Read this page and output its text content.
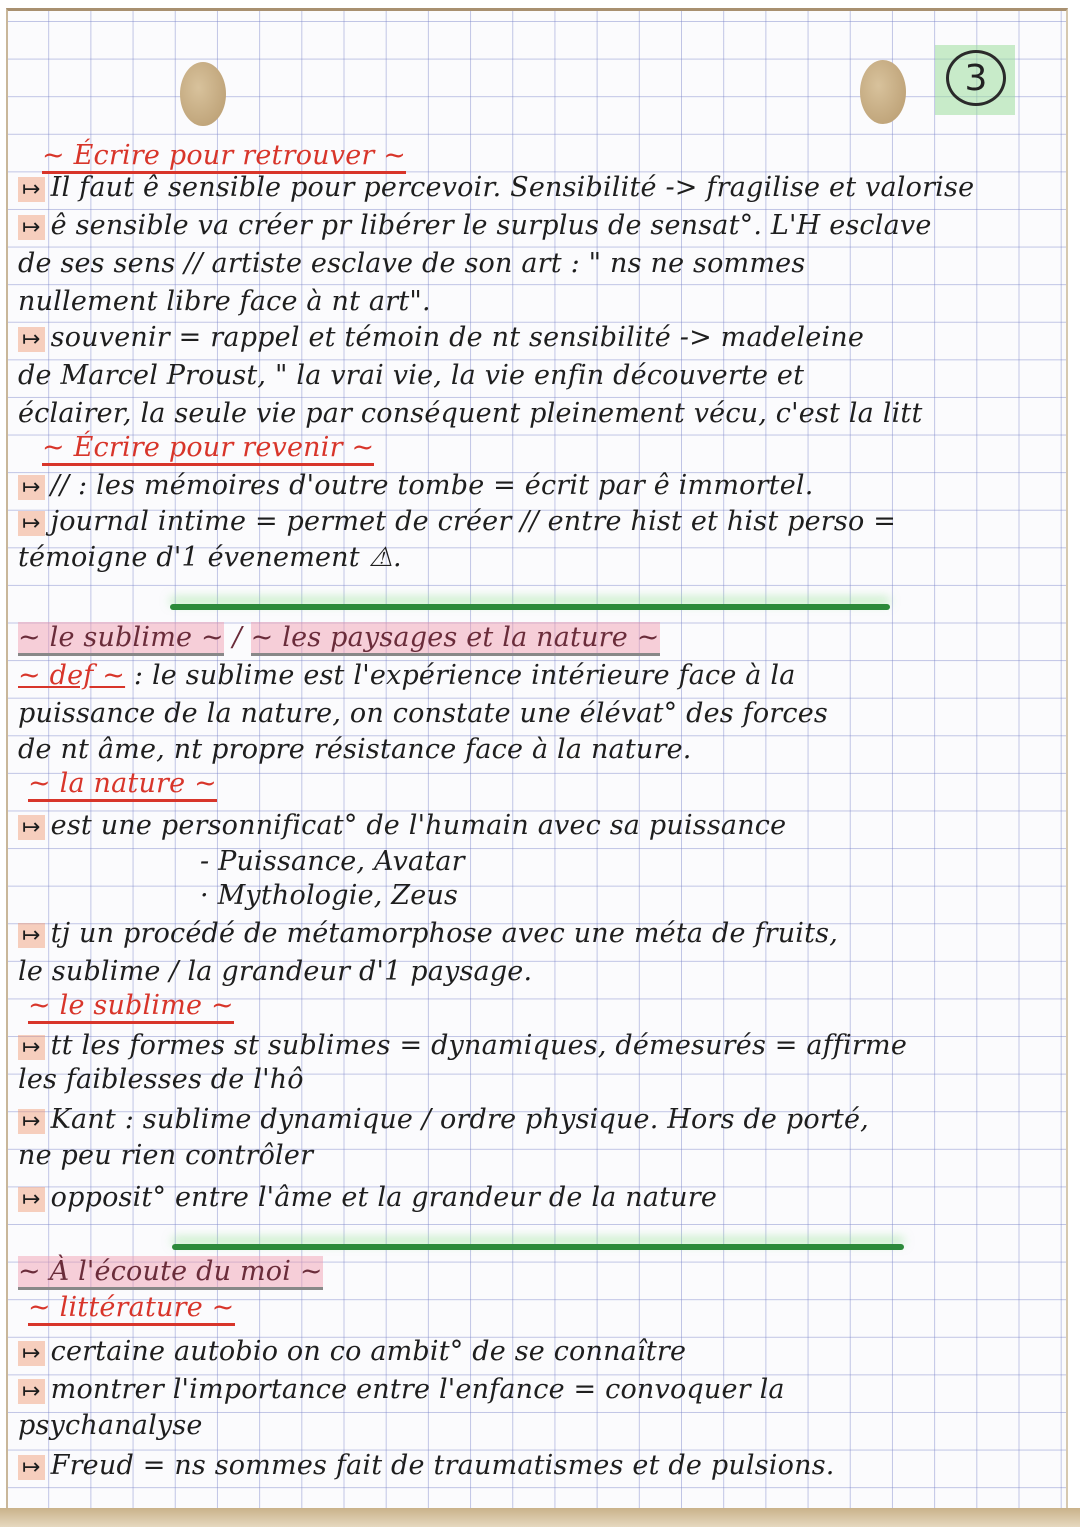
3
~ Écrire pour retrouver ~
↦ Il faut ê sensible pour percevoir. Sensibilité -> fragilise et valorise
↦ ê sensible va créer pr libérer le surplus de sensat°. L'H esclave
de ses sens // artiste esclave de son art : " ns ne sommes
nullement libre face à nt art".
↦ souvenir = rappel et témoin de nt sensibilité -> madeleine
de Marcel Proust, " la vrai vie, la vie enfin découverte et
éclairer, la seule vie par conséquent pleinement vécu, c'est la litt
~ Écrire pour revenir ~
↦ // : les mémoires d'outre tombe = écrit par ê immortel.
↦ journal intime = permet de créer // entre hist et hist perso =
témoigne d'1 évenement ⚠.
~ le sublime ~ / ~ les paysages et la nature ~
~ def ~ : le sublime est l'expérience intérieure face à la
puissance de la nature, on constate une élévat° des forces
de nt âme, nt propre résistance face à la nature.
~ la nature ~
↦ est une personnificat° de l'humain avec sa puissance
- Puissance, Avatar
· Mythologie, Zeus
↦ tj un procédé de métamorphose avec une méta de fruits,
le sublime / la grandeur d'1 paysage.
~ le sublime ~
↦ tt les formes st sublimes = dynamiques, démesurés = affirme
les faiblesses de l'hô
↦ Kant : sublime dynamique / ordre physique. Hors de porté,
ne peu rien contrôler
↦ opposit° entre l'âme et la grandeur de la nature
~ À l'écoute du moi ~
~ littérature ~
↦ certaine autobio on co ambit° de se connaître
↦ montrer l'importance entre l'enfance = convoquer la
psychanalyse
↦ Freud = ns sommes fait de traumatismes et de pulsions.
